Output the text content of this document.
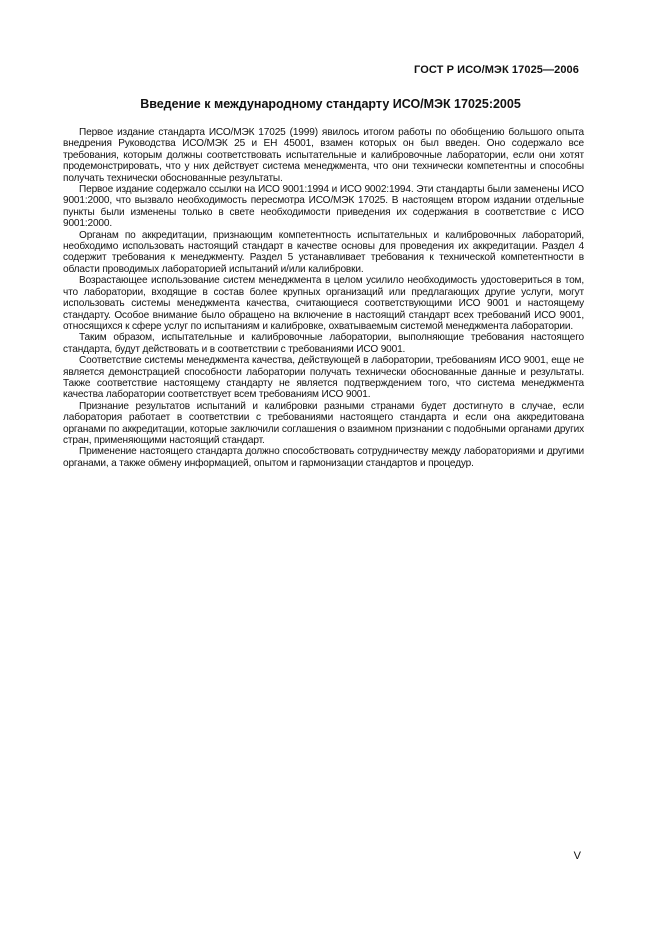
ГОСТ Р ИСО/МЭК 17025—2006
Введение к международному стандарту ИСО/МЭК 17025:2005

Первое издание стандарта ИСО/МЭК 17025 (1999) явилось итогом работы по обобщению большого опыта внедрения Руководства ИСО/МЭК 25 и ЕН 45001, взамен которых он был введен. Оно содержало все требования, которым должны соответствовать испытательные и калибровочные лаборатории, если они хотят продемонстрировать, что у них действует система менеджмента, что они технически компетентны и способны получать технически обоснованные результаты.

Первое издание содержало ссылки на ИСО 9001:1994 и ИСО 9002:1994. Эти стандарты были заменены ИСО 9001:2000, что вызвало необходимость пересмотра ИСО/МЭК 17025. В настоящем втором издании отдельные пункты были изменены только в свете необходимости приведения их содержания в соответствие с ИСО 9001:2000.

Органам по аккредитации, признающим компетентность испытательных и калибровочных лабораторий, необходимо использовать настоящий стандарт в качестве основы для проведения их аккредитации. Раздел 4 содержит требования к менеджменту. Раздел 5 устанавливает требования к технической компетентности в области проводимых лабораторией испытаний и/или калибровки.

Возрастающее использование систем менеджмента в целом усилило необходимость удостовериться в том, что лаборатории, входящие в состав более крупных организаций или предлагающих другие услуги, могут использовать системы менеджмента качества, считающиеся соответствующими ИСО 9001 и настоящему стандарту. Особое внимание было обращено на включение в настоящий стандарт всех требований ИСО 9001, относящихся к сфере услуг по испытаниям и калибровке, охватываемым системой менеджмента лаборатории.

Таким образом, испытательные и калибровочные лаборатории, выполняющие требования настоящего стандарта, будут действовать и в соответствии с требованиями ИСО 9001.

Соответствие системы менеджмента качества, действующей в лаборатории, требованиям ИСО 9001, еще не является демонстрацией способности лаборатории получать технически обоснованные данные и результаты. Также соответствие настоящему стандарту не является подтверждением того, что система менеджмента качества лаборатории соответствует всем требованиям ИСО 9001.

Признание результатов испытаний и калибровки разными странами будет достигнуто в случае, если лаборатория работает в соответствии с требованиями настоящего стандарта и если она аккредитована органами по аккредитации, которые заключили соглашения о взаимном признании с подобными органами других стран, применяющими настоящий стандарт.

Применение настоящего стандарта должно способствовать сотрудничеству между лабораториями и другими органами, а также обмену информацией, опытом и гармонизации стандартов и процедур.

V
